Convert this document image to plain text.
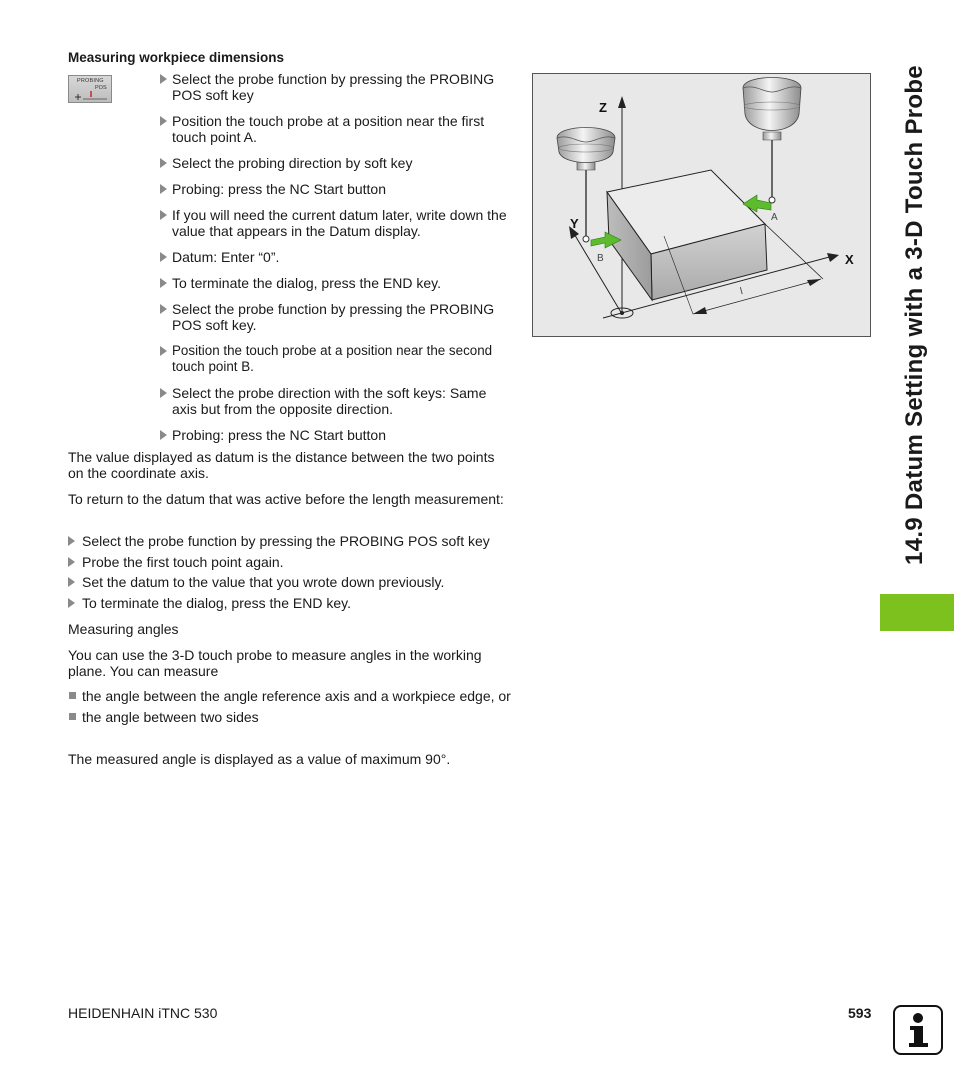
Measuring workpiece dimensions
PROBING
POS
Select the probe function by pressing the PROBING POS soft key
Position the touch probe at a position near the first touch point A.
Select the probing direction by soft key
Probing: press the NC Start button
If you will need the current datum later, write down the value that appears in the Datum display.
Datum: Enter “0”.
To terminate the dialog, press the END key.
Select the probe function by pressing the PROBING POS soft key.
Position the touch probe at a position near the second touch point B.
Select the probe direction with the soft keys: Same axis but from the opposite direction.
Probing: press the NC Start button
The value displayed as datum is the distance between the two points on the coordinate axis.
To return to the datum that was active before the length measurement:
Select the probe function by pressing the PROBING POS soft key
Probe the first touch point again.
Set the datum to the value that you wrote down previously.
To terminate the dialog, press the END key.
Measuring angles
You can use the 3-D touch probe to measure angles in the working plane. You can measure
the angle between the angle reference axis and a workpiece edge, or
the angle between two sides
The measured angle is displayed as a value of maximum 90°.
Z
Y
X
A
B
l	14.9 Datum Setting with a 3-D Touch Probe
HEIDENHAIN iTNC 530	593
